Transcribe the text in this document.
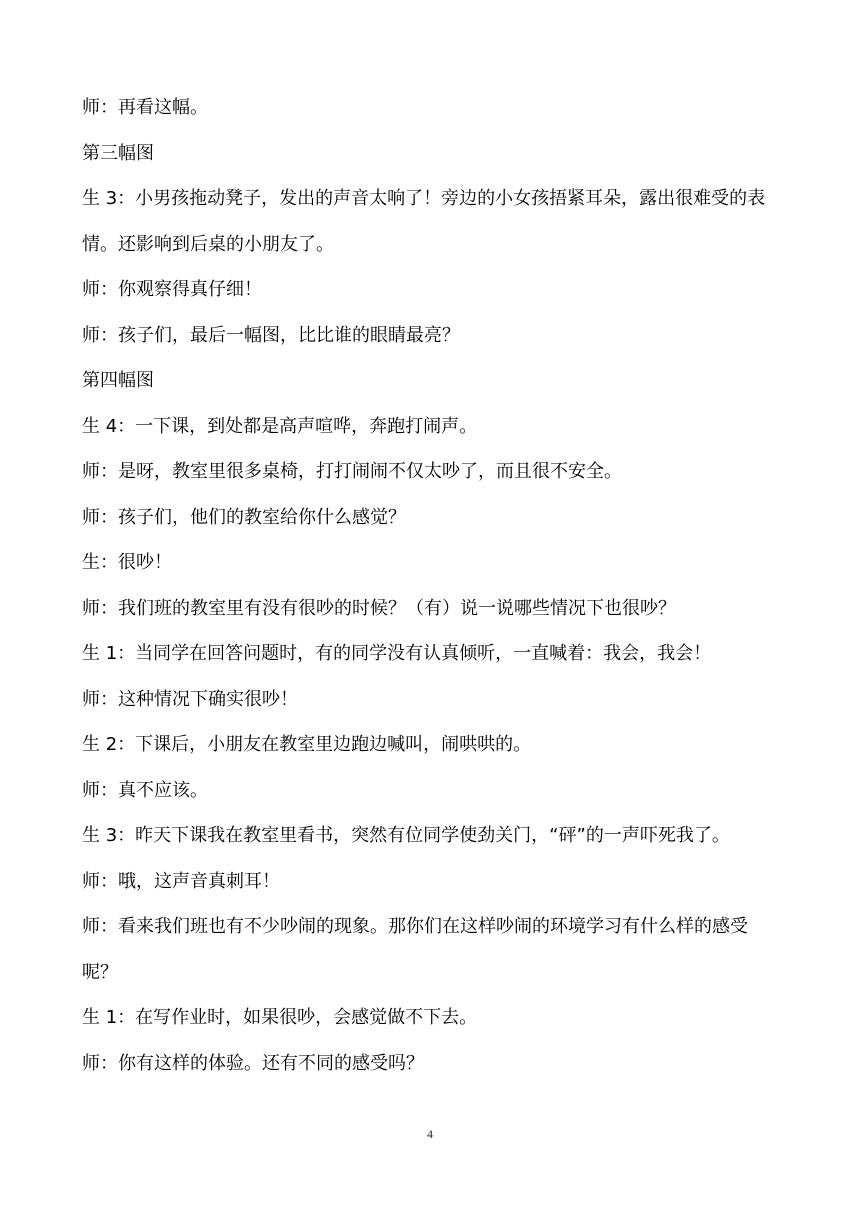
师：再看这幅。

第三幅图

生 3：小男孩拖动凳子，发出的声音太响了！旁边的小女孩捂紧耳朵，露出很难受的表情。还影响到后桌的小朋友了。

师：你观察得真仔细！

师：孩子们，最后一幅图，比比谁的眼睛最亮？

第四幅图

生 4：一下课，到处都是高声喧哗，奔跑打闹声。

师：是呀，教室里很多桌椅，打打闹闹不仅太吵了，而且很不安全。

师：孩子们，他们的教室给你什么感觉？

生：很吵！

师：我们班的教室里有没有很吵的时候？（有）说一说哪些情况下也很吵？

生 1：当同学在回答问题时，有的同学没有认真倾听，一直喊着：我会，我会！

师：这种情况下确实很吵！

生 2：下课后，小朋友在教室里边跑边喊叫，闹哄哄的。

师：真不应该。

生 3：昨天下课我在教室里看书，突然有位同学使劲关门，“砰”的一声吓死我了。

师：哦，这声音真刺耳！

师：看来我们班也有不少吵闹的现象。那你们在这样吵闹的环境学习有什么样的感受呢？

生 1：在写作业时，如果很吵，会感觉做不下去。

师：你有这样的体验。还有不同的感受吗？

4
